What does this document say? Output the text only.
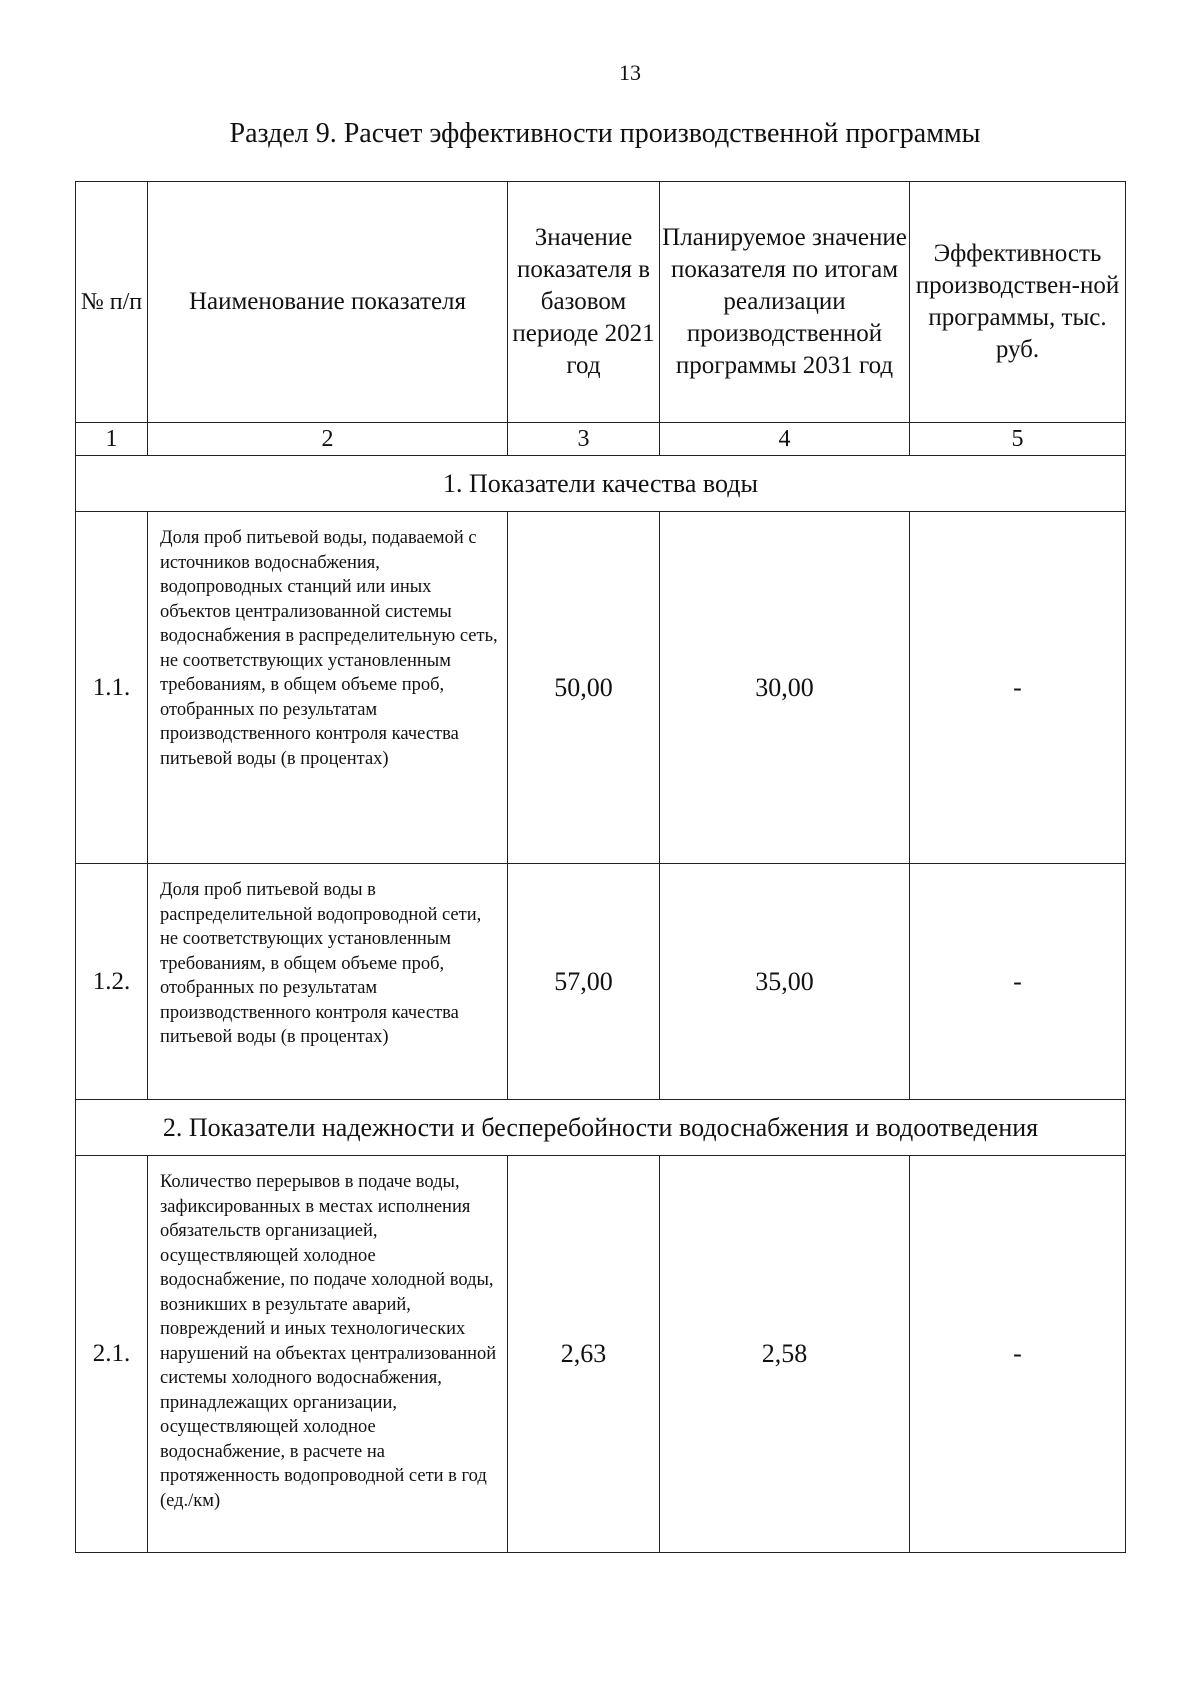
13
Раздел 9. Расчет эффективности производственной программы
№ п/п	Наименование показателя	Значение показателя в базовом периоде 2021 год	Планируемое значение показателя по итогам реализации производственной программы 2031 год	Эффективность производствен-ной программы, тыс. руб.
1	2	3	4	5
1. Показатели качества воды				
1.1.	Доля проб питьевой воды, подаваемой с источников водоснабжения, водопроводных станций или иных объектов централизованной системы водоснабжения в распределительную сеть, не соответствующих установленным требованиям, в общем объеме проб, отобранных по результатам производственного контроля качества питьевой воды (в процентах)	50,00	30,00	-
1.2.	Доля проб питьевой воды в распределительной водопроводной сети, не соответствующих установленным требованиям, в общем объеме проб, отобранных по результатам производственного контроля качества питьевой воды (в процентах)	57,00	35,00	-
2. Показатели надежности и бесперебойности водоснабжения и водоотведения				
2.1.	Количество перерывов в подаче воды, зафиксированных в местах исполнения обязательств организацией, осуществляющей холодное водоснабжение, по подаче холодной воды, возникших в результате аварий, повреждений и иных технологических нарушений на объектах централизованной системы холодного водоснабжения, принадлежащих организации, осуществляющей холодное водоснабжение, в расчете на протяженность водопроводной сети в год (ед./км)	2,63	2,58	-
